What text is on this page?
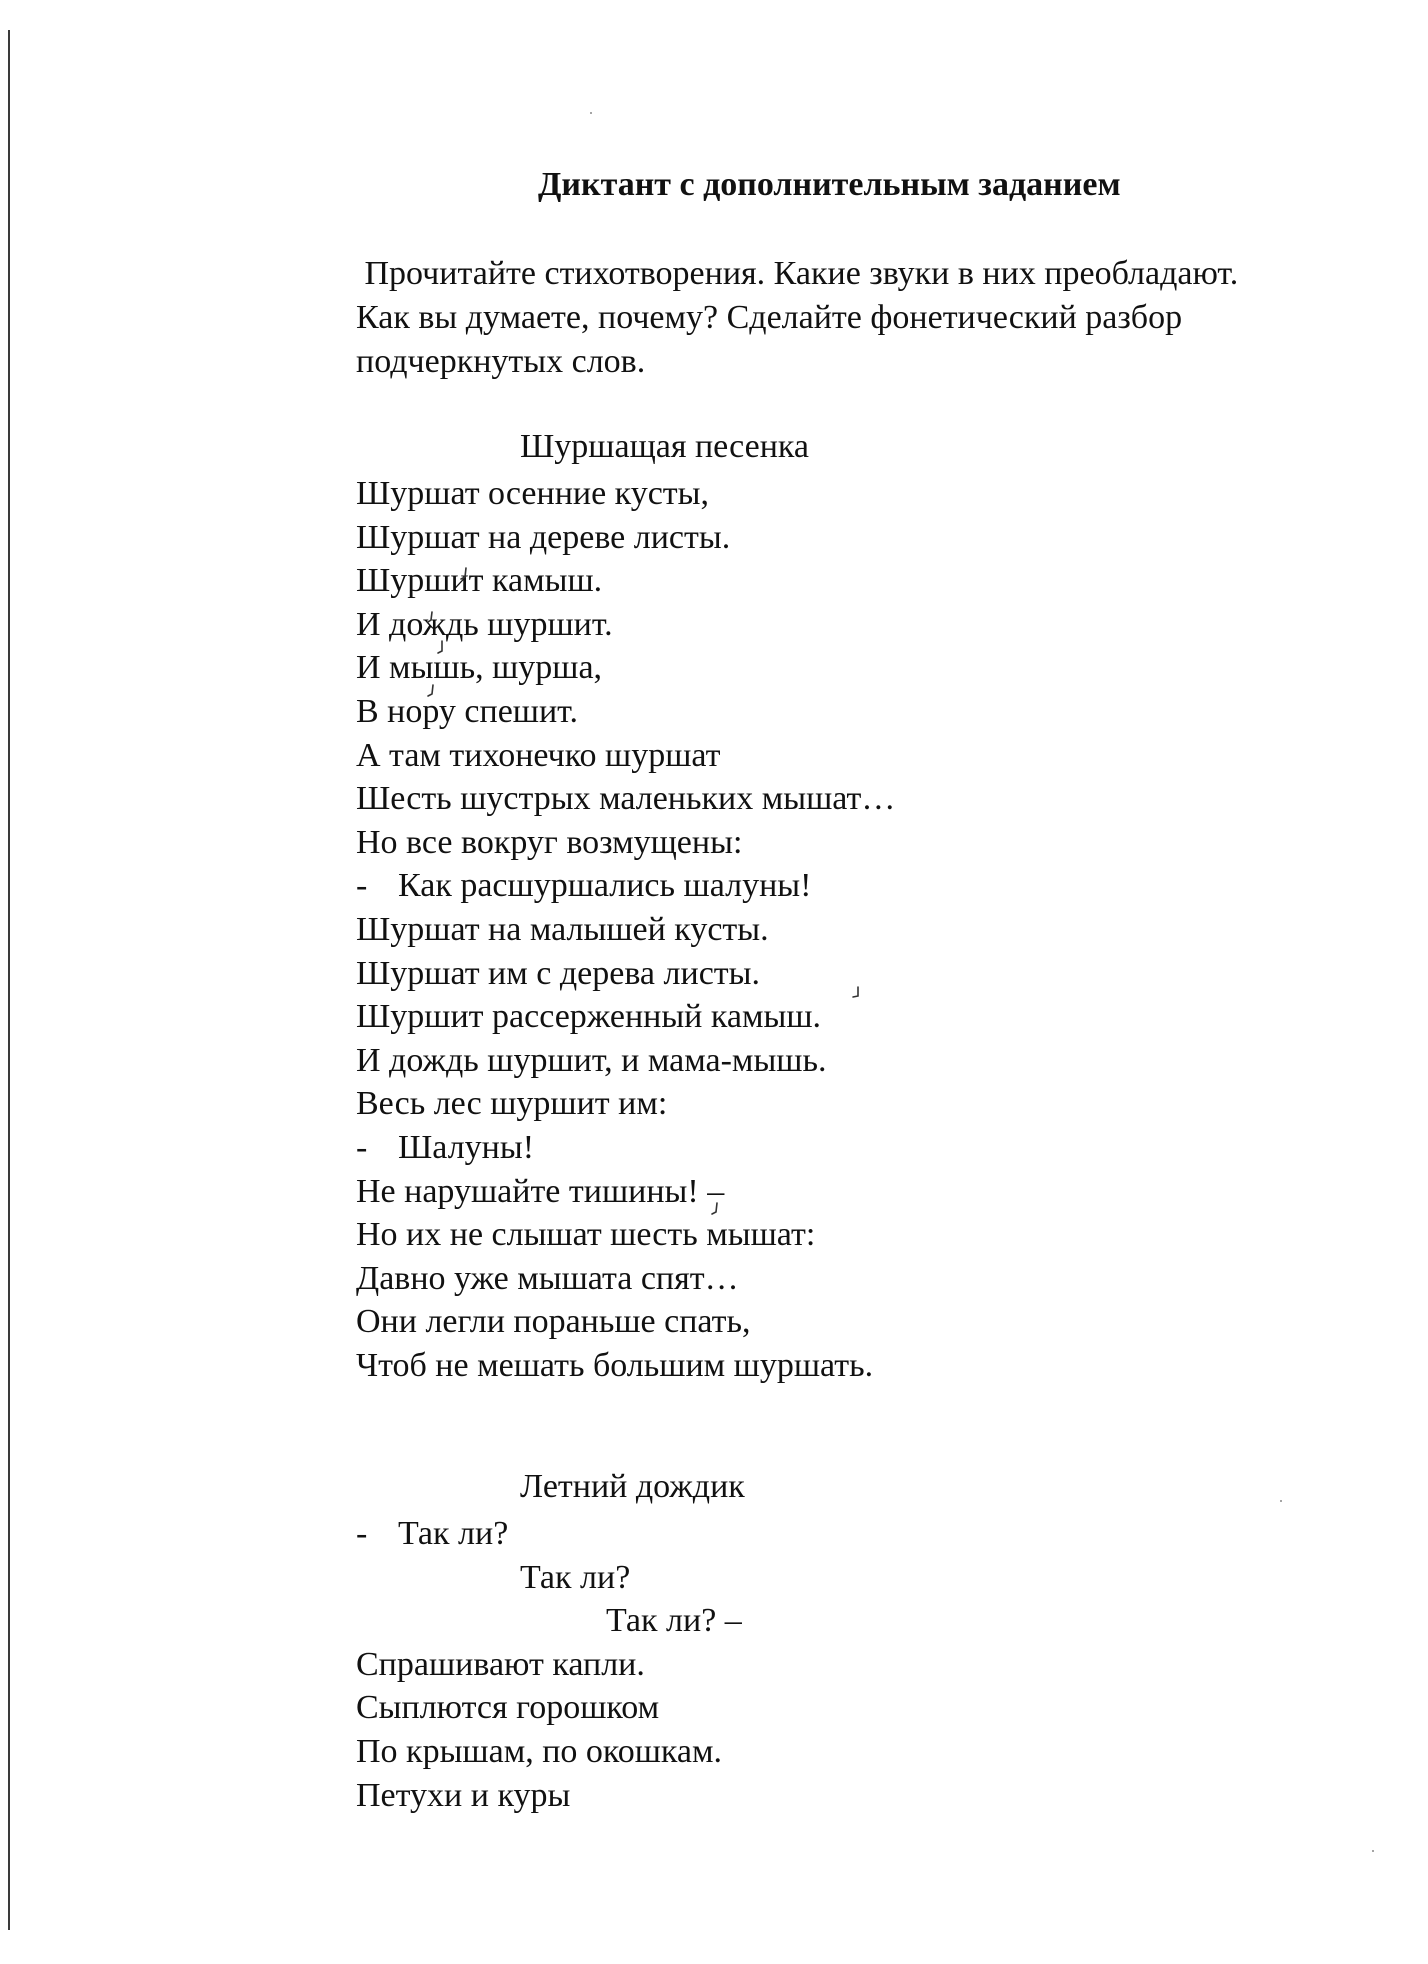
Диктант с дополнительным заданием

Прочитайте стихотворения. Какие звуки в них преобладают.
Как вы думаете, почему? Сделайте фонетический разбор
подчеркнутых слов.

Шуршащая песенка
Шуршат осенние кусты,
Шуршат на дереве листы.
Шуршит камыш.
И дождь шуршит.
И мышь, шурша,
В нору спешит.
А там тихонечко шуршат
Шесть шустрых маленьких мышат…
Но все вокруг возмущены:
- Как расшуршались шалуны!
Шуршат на малышей кусты.
Шуршат им с дерева листы.
Шуршит рассерженный камыш.
И дождь шуршит, и мама-мышь.
Весь лес шуршит им:
- Шалуны!
Не нарушайте тишины! –
Но их не слышат шесть мышат:
Давно уже мышата спят…
Они легли пораньше спать,
Чтоб не мешать большим шуршать.
Летний дождик
- Так ли?
Так ли?
Так ли? –
Спрашивают капли.
Сыплются горошком
По крышам, по окошкам.
Петухи и куры
